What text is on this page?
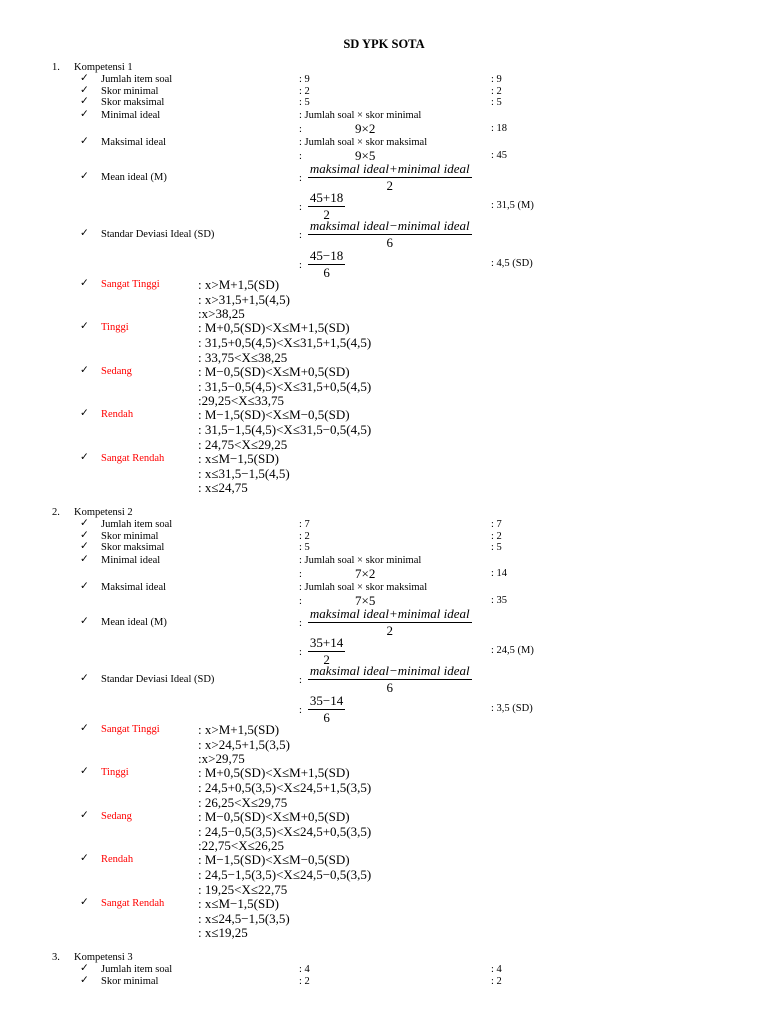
SD YPK SOTA
1. Kompetensi 1
✓ Jumlah item soal	: 9	: 9
✓ Skor minimal	: 2	: 2
✓ Skor maksimal	: 5	: 5
✓ Minimal ideal	: Jumlah soal × skor minimal
:	9×2	: 18
✓ Maksimal ideal	: Jumlah soal × skor maksimal
:	9×5	: 45
✓ Mean ideal (M)	: $\frac{\text{maksimal ideal+minimal ideal}}{2}$
: $\frac{45+18}{2}$	: 31,5 (M)
✓ Standar Deviasi Ideal (SD)	: $\frac{\text{maksimal ideal−minimal ideal}}{6}$
: $\frac{45-18}{6}$	: 4,5 (SD)
✓ Sangat Tinggi	: x>M+1,5(SD)
: x>31,5+1,5(4,5)
:x>38,25
✓ Tinggi	: M+0,5(SD)<X≤M+1,5(SD)
: 31,5+0,5(4,5)<X≤31,5+1,5(4,5)
: 33,75<X≤38,25
✓ Sedang	: M−0,5(SD)<X≤M+0,5(SD)
: 31,5−0,5(4,5)<X≤31,5+0,5(4,5)
:29,25<X≤33,75
✓ Rendah	: M−1,5(SD)<X≤M−0,5(SD)
: 31,5−1,5(4,5)<X≤31,5−0,5(4,5)
: 24,75<X≤29,25
✓ Sangat Rendah	: x≤M−1,5(SD)
: x≤31,5−1,5(4,5)
: x≤24,75
2. Kompetensi 2
✓ Jumlah item soal	: 7	: 7
✓ Skor minimal	: 2	: 2
✓ Skor maksimal	: 5	: 5
✓ Minimal ideal	: Jumlah soal × skor minimal
:	7×2	: 14
✓ Maksimal ideal	: Jumlah soal × skor maksimal
:	7×5	: 35
✓ Mean ideal (M)	: $\frac{\text{maksimal ideal+minimal ideal}}{2}$
: $\frac{35+14}{2}$	: 24,5 (M)
✓ Standar Deviasi Ideal (SD)	: $\frac{\text{maksimal ideal−minimal ideal}}{6}$
: $\frac{35-14}{6}$	: 3,5 (SD)
✓ Sangat Tinggi	: x>M+1,5(SD)
: x>24,5+1,5(3,5)
:x>29,75
✓ Tinggi	: M+0,5(SD)<X≤M+1,5(SD)
: 24,5+0,5(3,5)<X≤24,5+1,5(3,5)
: 26,25<X≤29,75
✓ Sedang	: M−0,5(SD)<X≤M+0,5(SD)
: 24,5−0,5(3,5)<X≤24,5+0,5(3,5)
:22,75<X≤26,25
✓ Rendah	: M−1,5(SD)<X≤M−0,5(SD)
: 24,5−1,5(3,5)<X≤24,5−0,5(3,5)
: 19,25<X≤22,75
✓ Sangat Rendah	: x≤M−1,5(SD)
: x≤24,5−1,5(3,5)
: x≤19,25
3. Kompetensi 3
✓ Jumlah item soal	: 4	: 4
✓ Skor minimal	: 2	: 2
